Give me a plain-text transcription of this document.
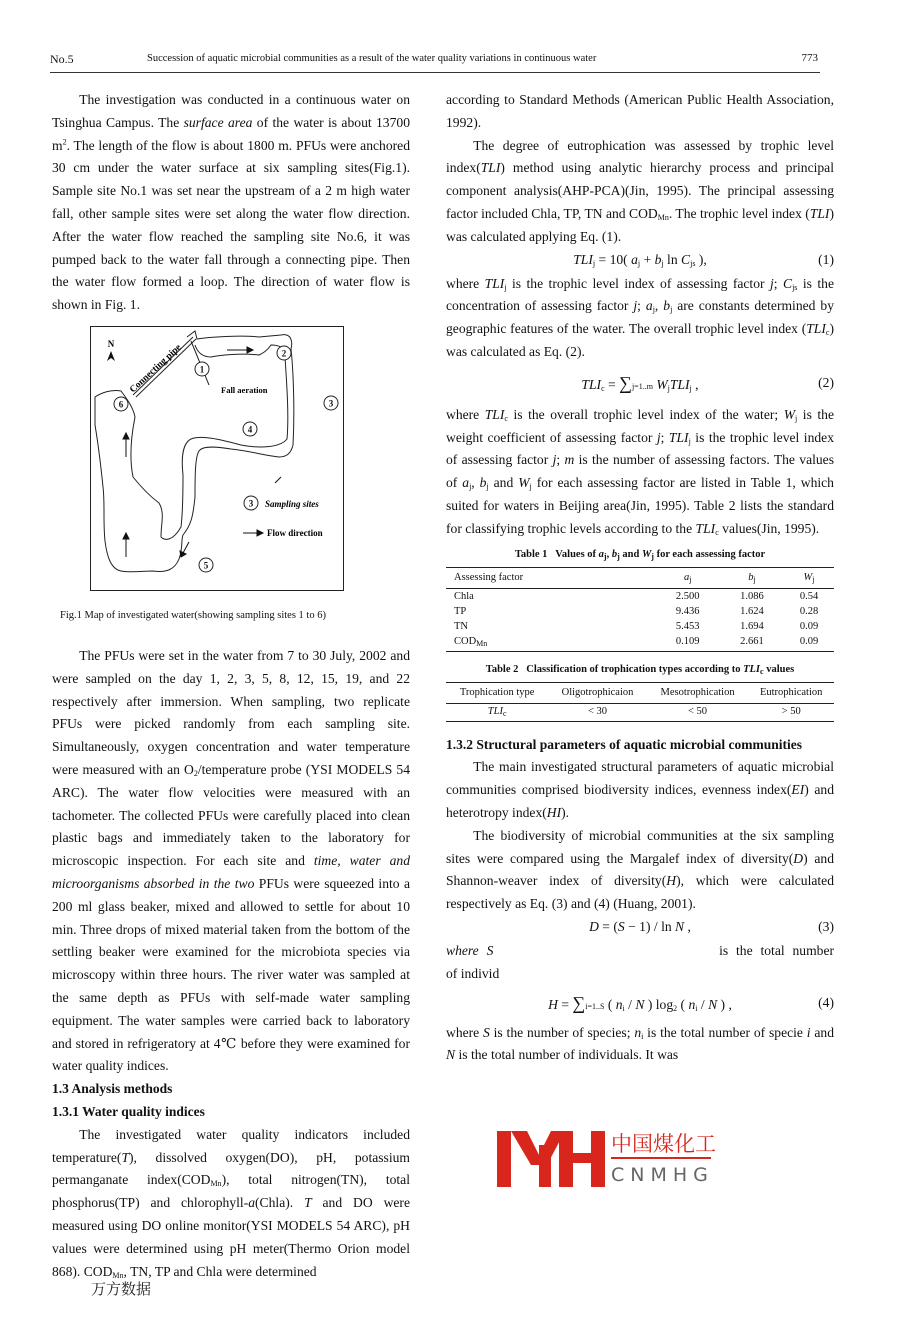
No.5	Succession of aquatic microbial communities as a result of the water quality variations in continuous water	773

The investigation was conducted in a continuous water on Tsinghua Campus. The surface area of the water is about 13700 $m^2$. The length of the flow is about 1800 m. PFUs were anchored 30 cm under the water surface at six sampling sites(Fig.1). Sample site No.1 was set near the upstream of a 2 m high water fall, other sample sites were set along the water flow direction. After the water flow reached the sampling site No.6, it was pumped back to the water fall through a connecting pipe. Then the water flow formed a loop. The direction of water flow is shown in Fig. 1.

N Connecting pipe	Fall aeration
1
2
3
4
5
6
3 Sampling sites
Flow direction
Fig.1 Map of investigated water(showing sampling sites 1 to 6)

The PFUs were set in the water from 7 to 30 July, 2002 and were sampled on the day 1, 2, 3, 5, 8, 12, 15, 19, and 22 respectively after immersion. When sampling, two replicate PFUs were picked randomly from each sampling site. Simultaneously, oxygen concentration and water temperature were measured with an $O_2$/temperature probe (YSI MODELS 54 ARC). The water flow velocities were measured with an tachometer. The collected PFUs were carefully placed into clean plastic bags and immediately taken to the laboratory for microscopic inspection. For each site and time, water and microorganisms absorbed in the two PFUs were squeezed into a 200 ml glass beaker, mixed and allowed to settle for about 10 min. Three drops of mixed material taken from the bottom of the settling beaker were examined for the microbiota species via microscopy within three hours. The river water was sampled at the same depth as PFUs with self-made water sampling equipment. The water samples were carried back to laboratory and stored in refrigeratory at 4℃ before they were examined for water quality indices.

1.3 Analysis methods
1.3.1 Water quality indices

The investigated water quality indicators included temperature(T), dissolved oxygen(DO), pH, potassium permanganate $index(COD_{Mn})$, total nitrogen(TN), total phosphorus(TP) and chlorophyll-a(Chla). T and DO were measured using DO online monitor(YSI MODELS 54 ARC), pH values were determined using pH meter(Thermo Orion model 868). $COD_{Mn}$, TN, TP and Chla were determined

according to Standard Methods (American Public Health Association, 1992).

The degree of eutrophication was assessed by trophic level index(TLI) method using analytic hierarchy process and principal component analysis(AHP-PCA)(Jin, 1995). The principal assessing factor included Chla, TP, TN and $COD_{Mn}$. The trophic level index (TLI) was calculated applying Eq. (1).

$TLI_j = 10$( $a_j + b_j$ $\ln C_{js}$ ),	(1)

where $TLI_j$ is the trophic level index of assessing factor j; $C_{js}$ is the concentration of assessing factor j; $a_j$, $b_j$ are constants determined by geographic features of the water. The overall trophic level index $(TLI_c)$ was calculated as Eq. (2).

$TLI_c = \sum j=1..m$ $W_jTLI_j$ ,	(2)

where $TLI_c$ is the overall trophic level index of the water; $W_j$ is the weight coefficient of assessing factor j; $TLI_j$ is the trophic level index of assessing factor j; m is the number of assessing factors. The values of $a_j$, $b_j$ and $W_j$ for each assessing factor are listed in Table 1, which suited for waters in Beijing area(Jin, 1995). Table 2 lists the standard for classifying trophic levels according to the $TLI_c$ values(Jin, 1995).

Table 1   Values of $a_j$, $b_j$ and $W_j$ for each assessing factor
Assessing factor	$a_j$	$b_j$	$W_j$
Chla	2.500	1.086	0.54
TP	9.436	1.624	0.28
TN	5.453	1.694	0.09
$COD_{Mn}$	0.109	2.661	0.09
Table 2   Classification of trophication types according to $TLI_c$ values
Trophication type	Oligotrophicaion	Mesotrophication	Eutrophication
$TLI_c$	< 30	< 50	> 50
1.3.2 Structural parameters of aquatic microbial communities

The main investigated structural parameters of aquatic microbial communities comprised biodiversity indices, evenness index(EI) and heterotropy index(HI).

The biodiversity of microbial communities at the six sampling sites were compared using the Margalef index of diversity(D) and Shannon-weaver index of diversity(H), which were calculated respectively as Eq. (3) and (4) (Huang, 2001).

D = (S − 1) / ln N ,	(3)

where S	is the total number

of individ

H = ∑i=1..S ( $n_i$ / N ) $\log_2$ ( $n_i$ / N ) ,	(4)

where S is the number of species; $n_i$ is the total number of specie i and N is the total number of individuals. It was

中国煤化工
CNMHG
万方数据
